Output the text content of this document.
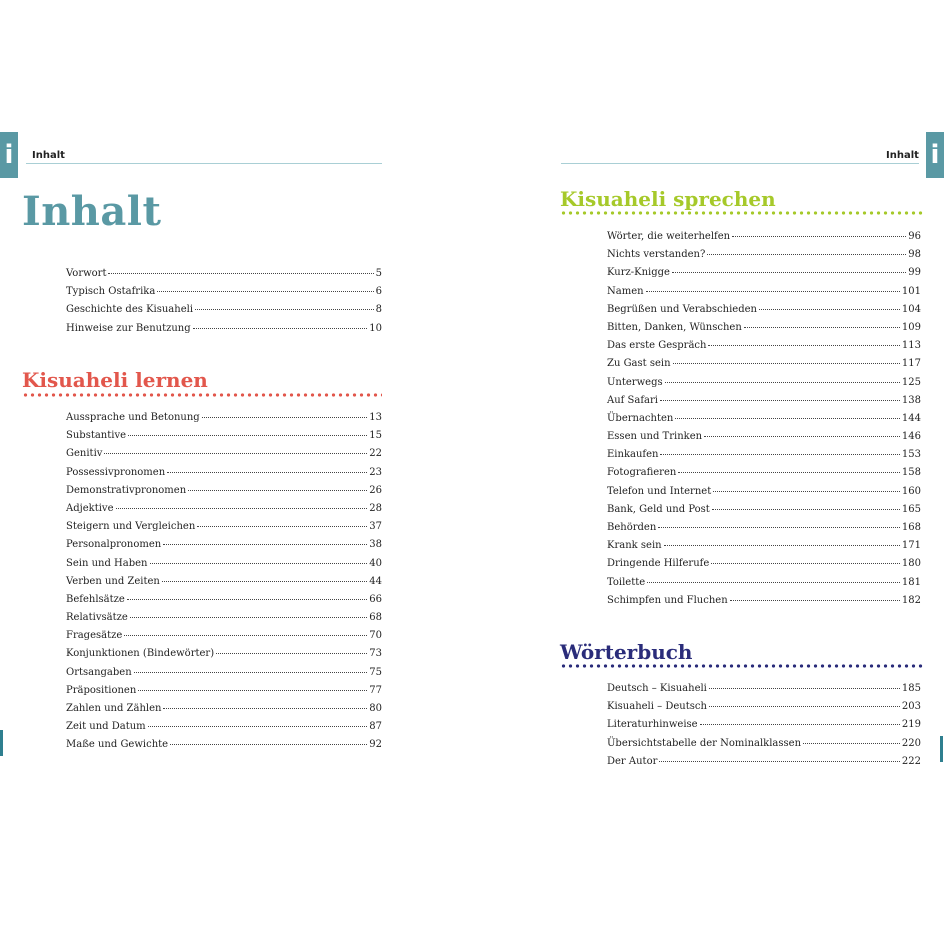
i	Inhalt
Inhalt
Vorwort	5
Typisch Ostafrika	6
Geschichte des Kisuaheli	8
Hinweise zur Benutzung	10
Kisuaheli lernen
Aussprache und Betonung	13
Substantive	15
Genitiv	22
Possessivpronomen	23
Demonstrativpronomen	26
Adjektive	28
Steigern und Vergleichen	37
Personalpronomen	38
Sein und Haben	40
Verben und Zeiten	44
Befehlsätze	66
Relativsätze	68
Fragesätze	70
Konjunktionen (Bindewörter)	73
Ortsangaben	75
Präpositionen	77
Zahlen und Zählen	80
Zeit und Datum	87
Maße und Gewichte	92
i
Inhalt
Kisuaheli sprechen
Wörter, die weiterhelfen	96
Nichts verstanden?	98
Kurz-Knigge	99
Namen	101
Begrüßen und Verabschieden	104
Bitten, Danken, Wünschen	109
Das erste Gespräch	113
Zu Gast sein	117
Unterwegs	125
Auf Safari	138
Übernachten	144
Essen und Trinken	146
Einkaufen	153
Fotografieren	158
Telefon und Internet	160
Bank, Geld und Post	165
Behörden	168
Krank sein	171
Dringende Hilferufe	180
Toilette	181
Schimpfen und Fluchen	182
Wörterbuch
Deutsch – Kisuaheli	185
Kisuaheli – Deutsch	203
Literaturhinweise	219
Übersichtstabelle der Nominalklassen	220
Der Autor	222
